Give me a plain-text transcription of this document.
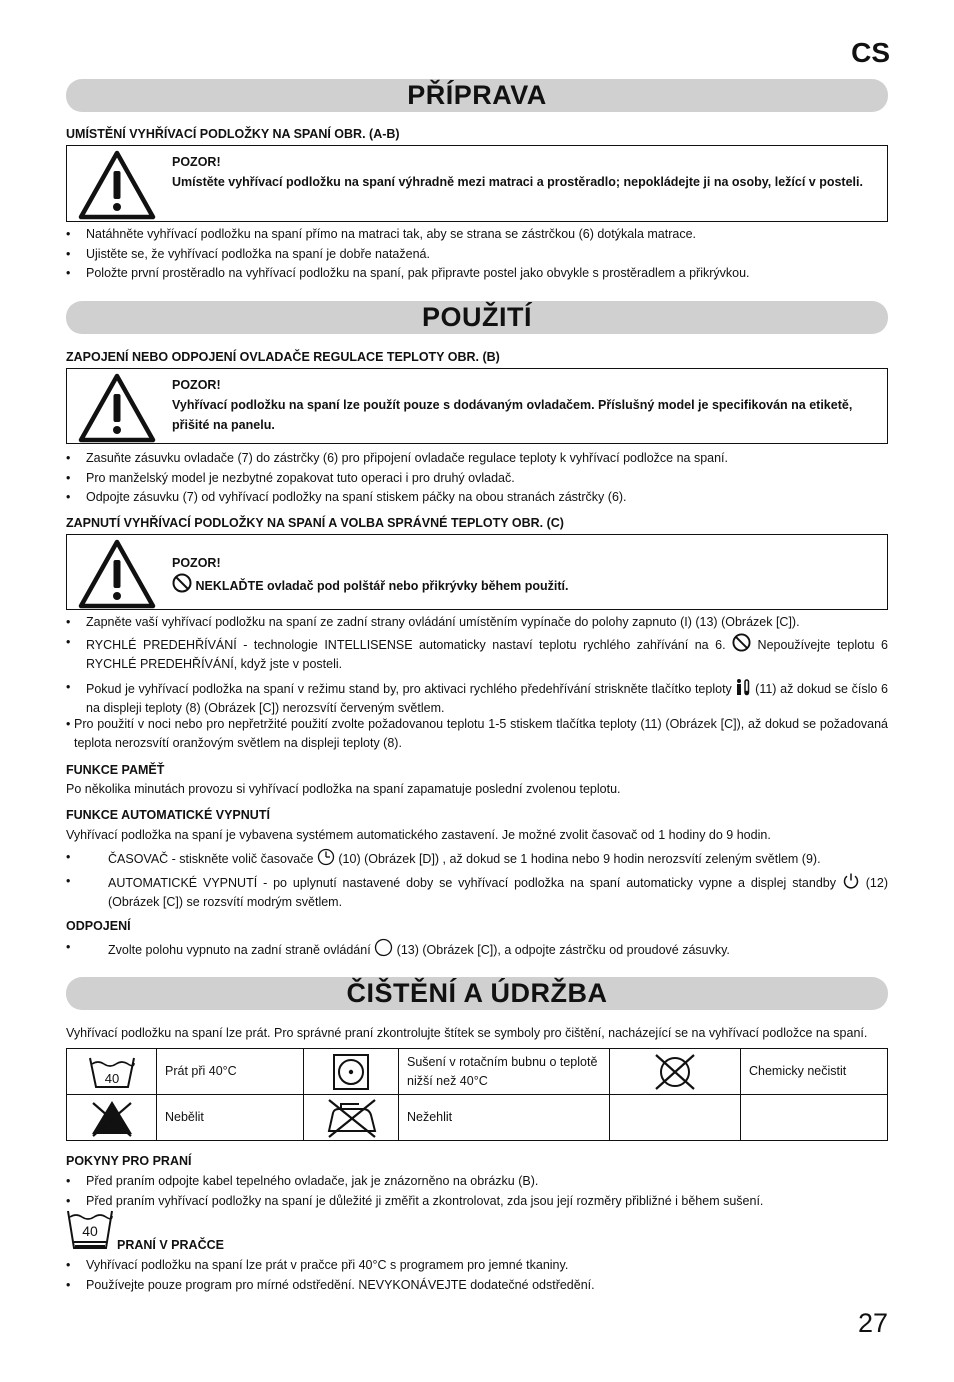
CS
PŘÍPRAVA
UMÍSTĚNÍ VYHŘÍVACÍ PODLOŽKY NA SPANÍ OBR. (A-B)

POZOR!

Umístěte vyhřívací podložku na spaní výhradně mezi matraci a prostěradlo; nepokládejte ji na osoby, ležící v posteli.

• Natáhněte vyhřívací podložku na spaní přímo na matraci tak, aby se strana se zástrčkou (6) dotýkala matrace.
• Ujistěte se, že vyhřívací podložka na spaní je dobře natažená.
• Položte první prostěradlo na vyhřívací podložku na spaní, pak připravte postel jako obvykle s prostěradlem a přikrývkou.
POUŽITÍ
ZAPOJENÍ NEBO ODPOJENÍ OVLADAČE REGULACE TEPLOTY OBR. (B)

POZOR!

Vyhřívací podložku na spaní lze použít pouze s dodávaným ovladačem. Příslušný model je specifikován na etiketě, přišité na panelu.

• Zasuňte zásuvku ovladače (7) do zástrčky (6) pro připojení ovladače regulace teploty k vyhřívací podložce na spaní.
• Pro manželský model je nezbytné zopakovat tuto operaci i pro druhý ovladač.
• Odpojte zásuvku (7) od vyhřívací podložky na spaní stiskem páčky na obou stranách zástrčky (6).
ZAPNUTÍ VYHŘÍVACÍ PODLOŽKY NA SPANÍ A VOLBA SPRÁVNÉ TEPLOTY OBR. (C)

POZOR!

NEKLAĎTE ovladač pod polštář nebo přikrývky během použití.

• Zapněte vaší vyhřívací podložku na spaní ze zadní strany ovládání umístěním vypínače do polohy zapnuto (I) (13) (Obrázek [C]).
• RYCHLÉ PREDEHŘÍVÁNÍ - technologie INTELLISENSE automaticky nastaví teplotu rychlého zahřívání na 6.	Nepoužívejte teplotu 6 RYCHLÉ PREDEHŘÍVÁNÍ, když jste v posteli.
• Pokud je vyhřívací podložka na spaní v režimu stand by, pro aktivaci rychlého předehřívání striskněte tlačítko teploty (11) až dokud se číslo 6 na displeji teploty (8) (Obrázek [C]) nerozsvítí červeným světlem.
• Pro použití v noci nebo pro nepřetržité použití zvolte požadovanou teplotu 1-5 stiskem tlačítka teploty (11) (Obrázek [C]), až dokud se požadovaná teplota nerozsvítí oranžovým světlem na displeji teploty (8).
FUNKCE PAMĚŤ
Po několika minutách provozu si vyhřívací podložka na spaní zapamatuje poslední zvolenou teplotu.
FUNKCE AUTOMATICKÉ VYPNUTÍ
Vyhřívací podložka na spaní je vybavena systémem automatického zastavení. Je možné zvolit časovač od 1 hodiny do 9 hodin.
• ČASOVAČ - stiskněte volič časovače (10) (Obrázek [D]) , až dokud se 1 hodina nebo 9 hodin nerozsvítí zeleným světlem (9).
• AUTOMATICKÉ VYPNUTÍ - po uplynutí nastavené doby se vyhřívací podložka na spaní automaticky vypne a displej standby (12) (Obrázek [C]) se rozsvítí modrým světlem.
ODPOJENÍ
• Zvolte polohu vypnuto na zadní straně ovládání (13) (Obrázek [C]), a odpojte zástrčku od proudové zásuvky.
ČIŠTĚNÍ A ÚDRŽBA
Vyhřívací podložku na spaní lze prát. Pro správné praní zkontrolujte štítek se symboly pro čištění, nacházející se na vyhřívací podložce na spaní.
40	Prát při 40°C		Sušení v rotačním bubnu o teplotě nižší než 40°C		Chemicky nečistit

	Nebělit		Nežehlit		
POKYNY PRO PRANÍ
• Před praním odpojte kabel tepelného ovladače, jak je znázorněno na obrázku (B).
• Před praním vyhřívací podložky na spaní je důležité ji změřit a zkontrolovat, zda jsou její rozměry přibližné i během sušení.
40
PRANÍ V PRAČCE
• Vyhřívací podložku na spaní lze prát v pračce při 40°C s programem pro jemné tkaniny.
• Používejte pouze program pro mírné odstředění. NEVYKONÁVEJTE dodatečné odstředění.
27
